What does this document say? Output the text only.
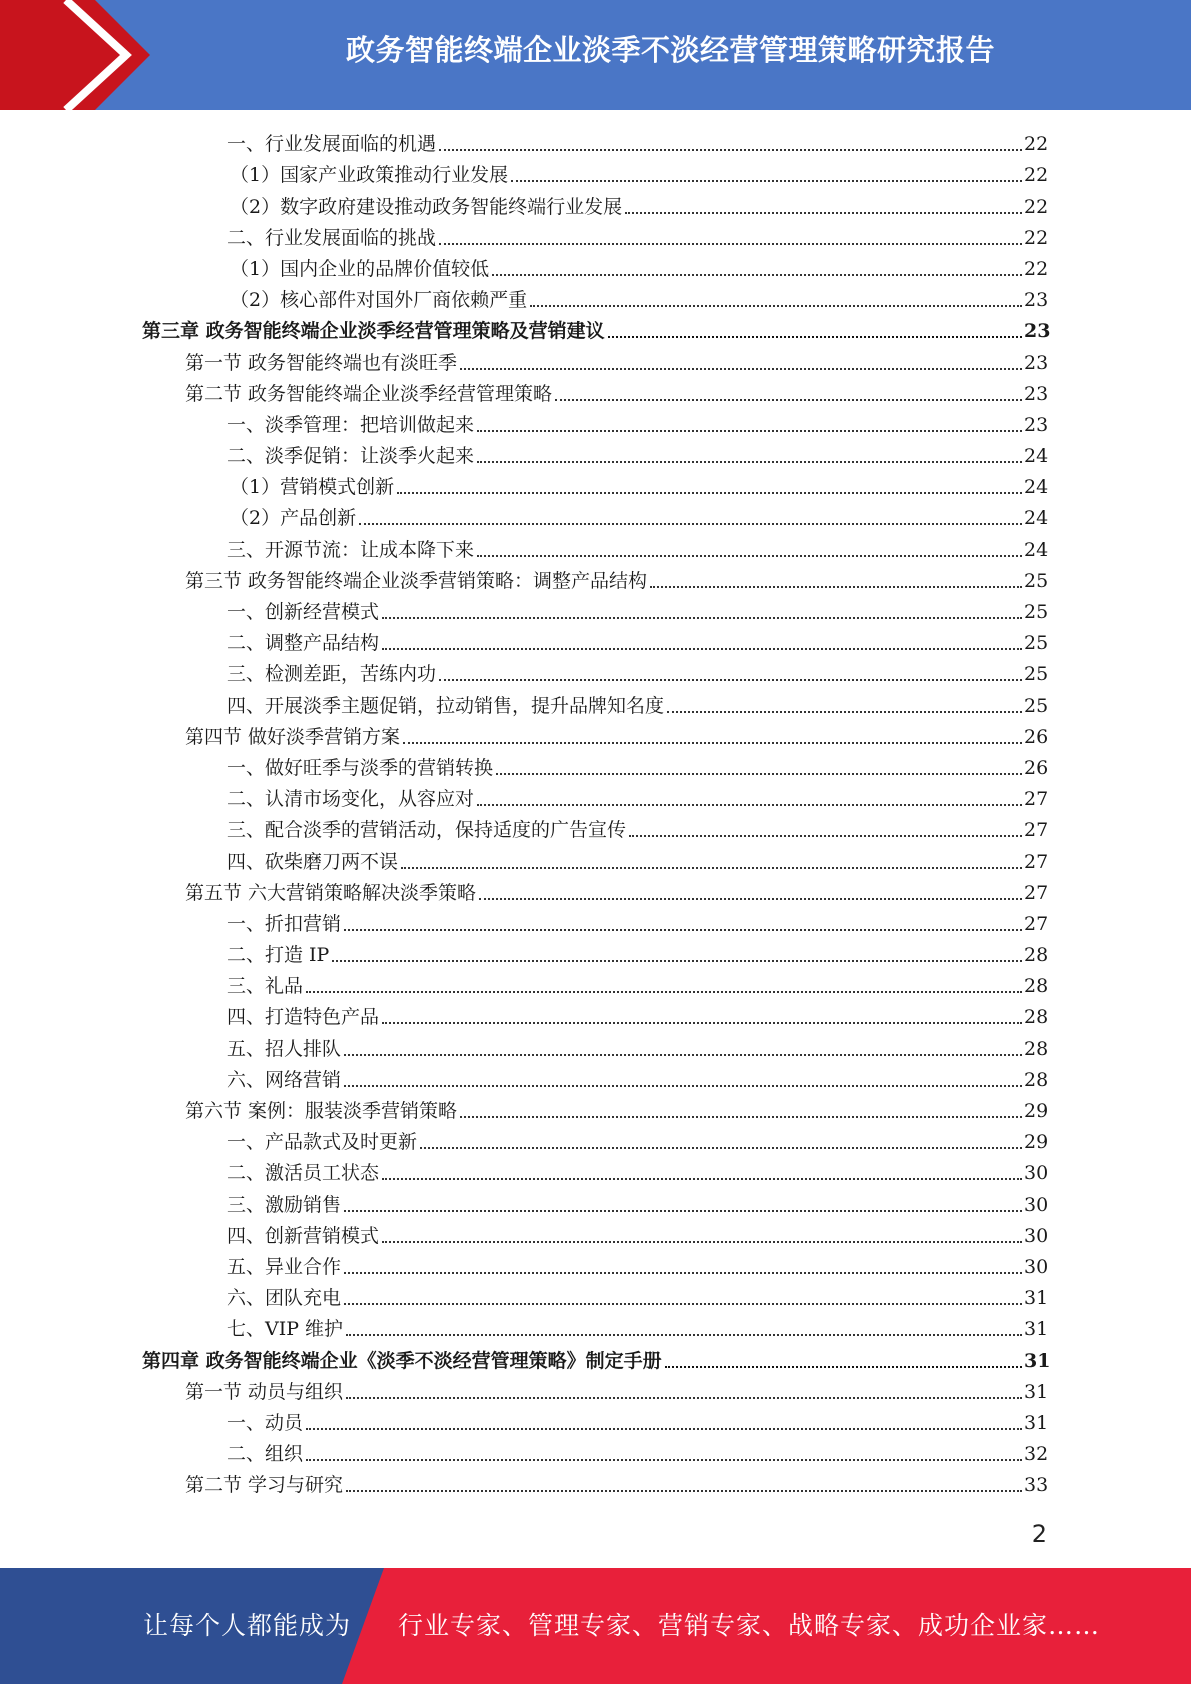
政务智能终端企业淡季不淡经营管理策略研究报告
一、行业发展面临的机遇	22
（1）国家产业政策推动行业发展	22
（2）数字政府建设推动政务智能终端行业发展	22
二、行业发展面临的挑战	22
（1）国内企业的品牌价值较低	22
（2）核心部件对国外厂商依赖严重	23
第三章 政务智能终端企业淡季经营管理策略及营销建议	23
第一节 政务智能终端也有淡旺季	23
第二节 政务智能终端企业淡季经营管理策略	23
一、淡季管理：把培训做起来	23
二、淡季促销：让淡季火起来	24
（1）营销模式创新	24
（2）产品创新	24
三、开源节流：让成本降下来	24
第三节 政务智能终端企业淡季营销策略：调整产品结构	25
一、创新经营模式	25
二、调整产品结构	25
三、检测差距，苦练内功	25
四、开展淡季主题促销，拉动销售，提升品牌知名度	25
第四节 做好淡季营销方案	26
一、做好旺季与淡季的营销转换	26
二、认清市场变化，从容应对	27
三、配合淡季的营销活动，保持适度的广告宣传	27
四、砍柴磨刀两不误	27
第五节 六大营销策略解决淡季策略	27
一、折扣营销	27
二、打造 IP	28
三、礼品	28
四、打造特色产品	28
五、招人排队	28
六、网络营销	28
第六节 案例：服装淡季营销策略	29
一、产品款式及时更新	29
二、激活员工状态	30
三、激励销售	30
四、创新营销模式	30
五、异业合作	30
六、团队充电	31
七、VIP 维护	31
第四章 政务智能终端企业《淡季不淡经营管理策略》制定手册	31
第一节 动员与组织	31
一、动员	31
二、组织	32
第二节 学习与研究	33
2
让每个人都能成为 行业专家、管理专家、营销专家、战略专家、成功企业家……
